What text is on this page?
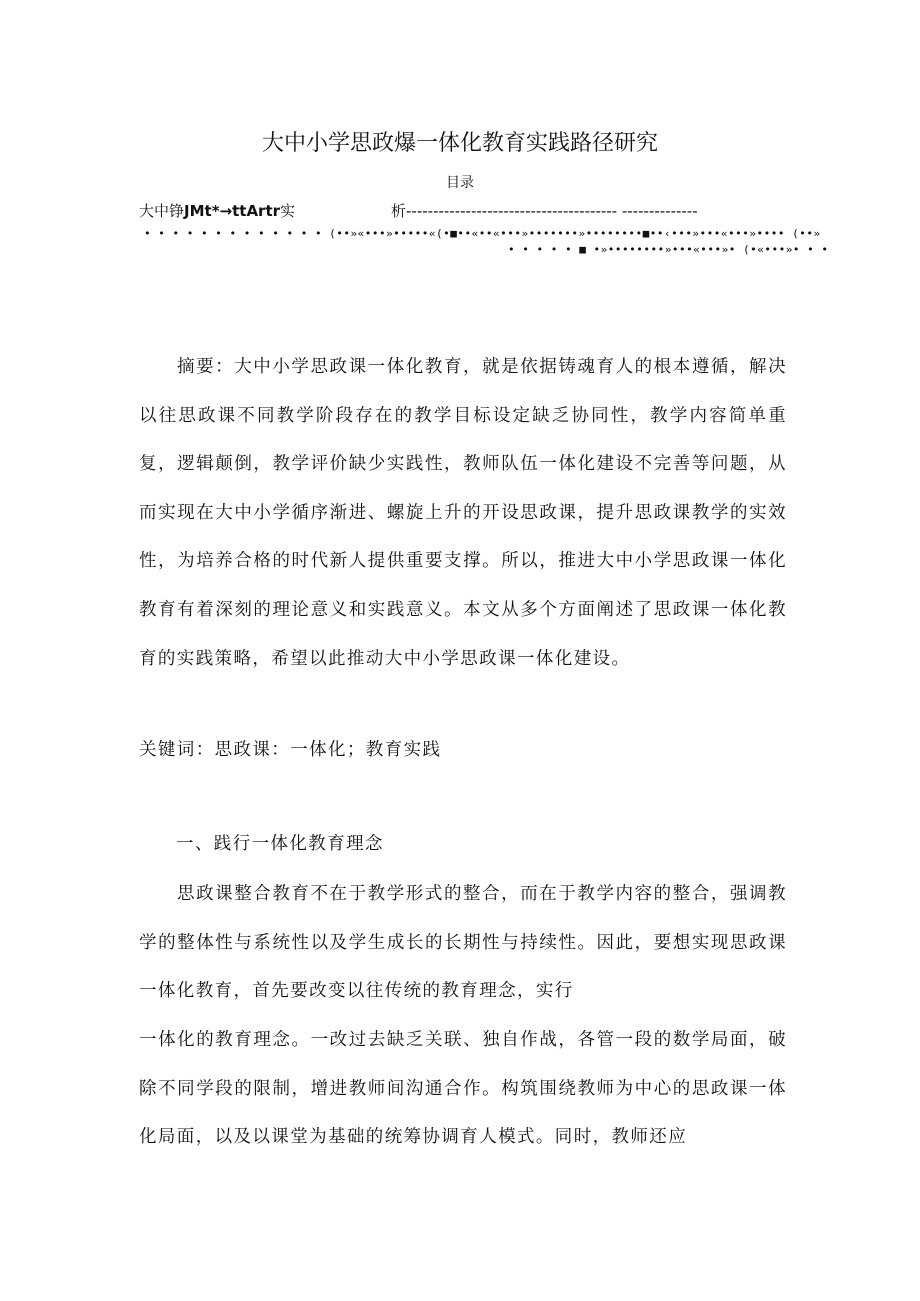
大中小学思政爆一体化教育实践路径研究
目录
大中铮JMt*→ttArtr实	析--------------------------------------- --------------
• • • • • • • • • • • • • (••»«•••»•••••«(•■••«••«•••»•••••••»••••••••■••‹•••»•••«•••»•••• (••»
• • • • • ■ •»••••••••»•••«•••»• (•«•••»• • •

摘要：大中小学思政课一体化教育，就是依据铸魂育人的根本遵循，解决以往思政课不同教学阶段存在的教学目标设定缺乏协同性，教学内容简单重复，逻辑颠倒，教学评价缺少实践性，教师队伍一体化建设不完善等问题，从而实现在大中小学循序渐进、螺旋上升的开设思政课，提升思政课教学的实效性，为培养合格的时代新人提供重要支撑。所以，推进大中小学思政课一体化教育有着深刻的理论意义和实践意义。本文从多个方面阐述了思政课一体化教育的实践策略，希望以此推动大中小学思政课一体化建设。

关键词：思政课：一体化；教育实践
一、践行一体化教育理念

思政课整合教育不在于教学形式的整合，而在于教学内容的整合，强调教学的整体性与系统性以及学生成长的长期性与持续性。因此，要想实现思政课一体化教育，首先要改变以往传统的教育理念，实行

一体化的教育理念。一改过去缺乏关联、独自作战，各管一段的数学局面，破除不同学段的限制，增进教师间沟通合作。构筑围绕教师为中心的思政课一体化局面，以及以课堂为基础的统筹协调育人模式。同时，教师还应
